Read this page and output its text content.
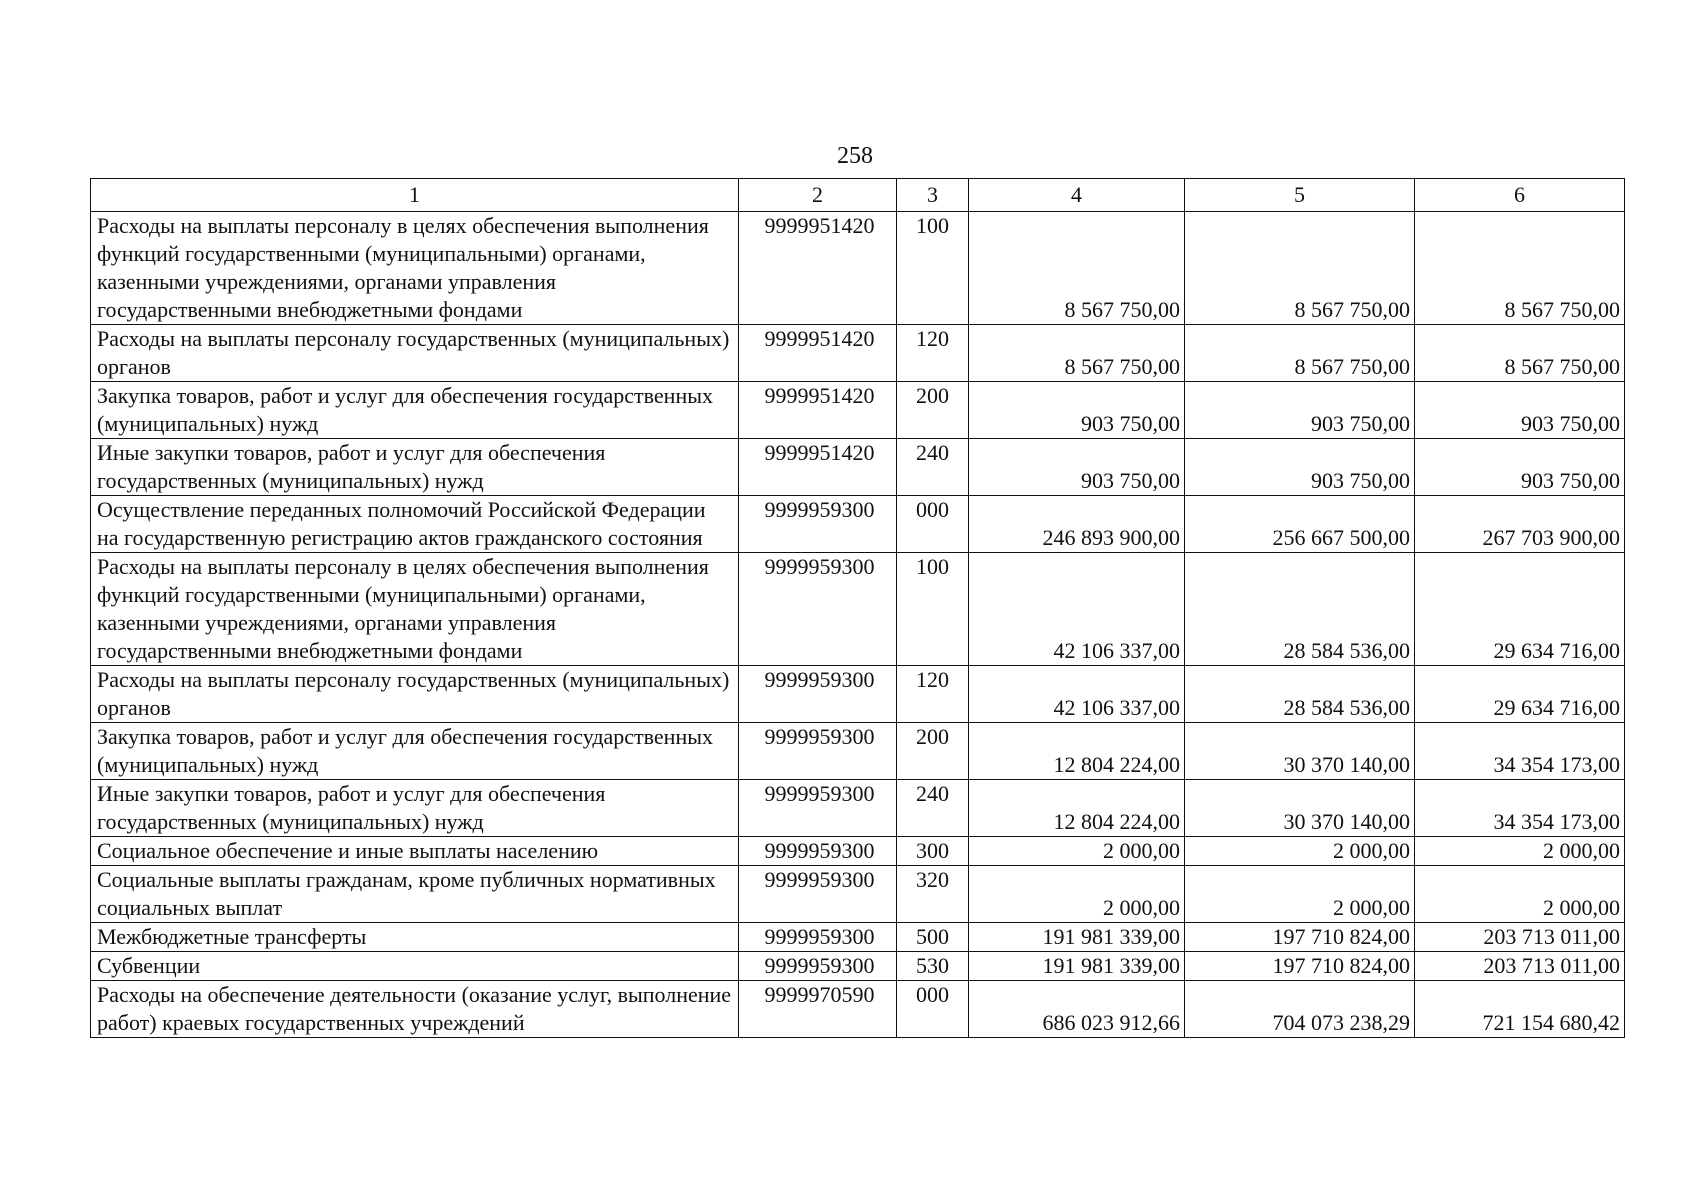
258
1	2	3	4	5	6
Расходы на выплаты персоналу в целях обеспечения выполнения функций государственными (муниципальными) органами, казенными учреждениями, органами управления государственными внебюджетными фондами	9999951420	100	8 567 750,00	8 567 750,00	8 567 750,00
Расходы на выплаты персоналу государственных (муниципальных) органов	9999951420	120	8 567 750,00	8 567 750,00	8 567 750,00
Закупка товаров, работ и услуг для обеспечения государственных (муниципальных) нужд	9999951420	200	903 750,00	903 750,00	903 750,00
Иные закупки товаров, работ и услуг для обеспечения государственных (муниципальных) нужд	9999951420	240	903 750,00	903 750,00	903 750,00
Осуществление переданных полномочий Российской Федерации на государственную регистрацию актов гражданского состояния	9999959300	000	246 893 900,00	256 667 500,00	267 703 900,00
Расходы на выплаты персоналу в целях обеспечения выполнения функций государственными (муниципальными) органами, казенными учреждениями, органами управления государственными внебюджетными фондами	9999959300	100	42 106 337,00	28 584 536,00	29 634 716,00
Расходы на выплаты персоналу государственных (муниципальных) органов	9999959300	120	42 106 337,00	28 584 536,00	29 634 716,00
Закупка товаров, работ и услуг для обеспечения государственных (муниципальных) нужд	9999959300	200	12 804 224,00	30 370 140,00	34 354 173,00
Иные закупки товаров, работ и услуг для обеспечения государственных (муниципальных) нужд	9999959300	240	12 804 224,00	30 370 140,00	34 354 173,00
Социальное обеспечение и иные выплаты населению	9999959300	300	2 000,00	2 000,00	2 000,00
Социальные выплаты гражданам, кроме публичных нормативных социальных выплат	9999959300	320	2 000,00	2 000,00	2 000,00
Межбюджетные трансферты	9999959300	500	191 981 339,00	197 710 824,00	203 713 011,00
Субвенции	9999959300	530	191 981 339,00	197 710 824,00	203 713 011,00
Расходы на обеспечение деятельности (оказание услуг, выполнение работ) краевых государственных учреждений	9999970590	000	686 023 912,66	704 073 238,29	721 154 680,42
